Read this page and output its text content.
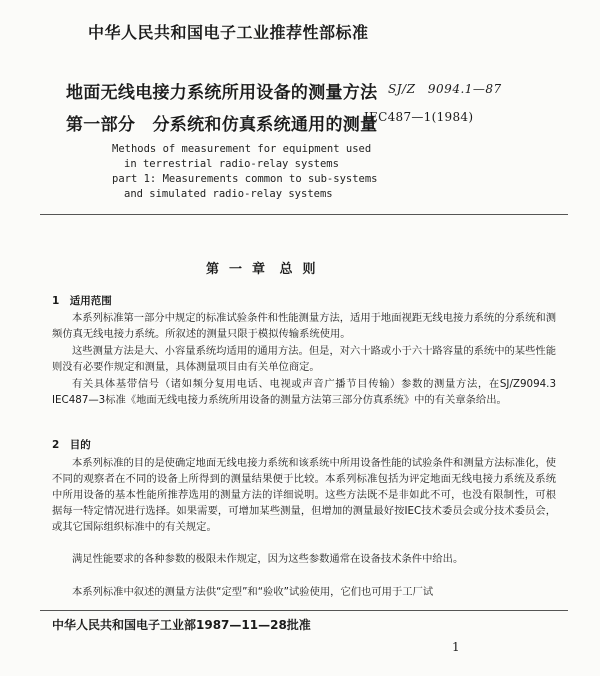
中华人民共和国电子工业推荐性部标准
地面无线电接力系统所用设备的测量方法
第一部分　分系统和仿真系统通用的测量
SJ/Z　9094.1—87
IEC487—1(1984)
Methods of measurement for equipment used
in terrestrial radio-relay systems
part 1: Measurements common to sub-systems
and simulated radio-relay systems
第一章 总则
1　适用范围
本系列标准第一部分中规定的标准试验条件和性能测量方法，适用于地面视距无线电接力系统的分系统和测频仿真无线电接力系统。所叙述的测量只限于模拟传输系统使用。
这些测量方法是大、小容量系统均适用的通用方法。但是，对六十路或小于六十路容量的系统中的某些性能则没有必要作规定和测量，具体测量项目由有关单位商定。
有关具体基带信号（诸如频分复用电话、电视或声音广播节目传输）参数的测量方法，在SJ/Z9094.3 IEC487—3标准《地面无线电接力系统所用设备的测量方法第三部分仿真系统》中的有关章条给出。
2　目的
本系列标准的目的是使确定地面无线电接力系统和该系统中所用设备性能的试验条件和测量方法标准化，使不同的观察者在不同的设备上所得到的测量结果便于比较。本系列标准包括为评定地面无线电接力系统及系统中所用设备的基本性能所推荐选用的测量方法的详细说明。这些方法既不是非如此不可，也没有限制性，可根据每一特定情况进行选择。如果需要，可增加某些测量，但增加的测量最好按IEC技术委员会或分技术委员会，或其它国际组织标准中的有关规定。
满足性能要求的各种参数的极限未作规定，因为这些参数通常在设备技术条件中给出。
本系列标准中叙述的测量方法供“定型”和“验收”试验使用，它们也可用于工厂试
中华人民共和国电子工业部1987—11—28批准
1
